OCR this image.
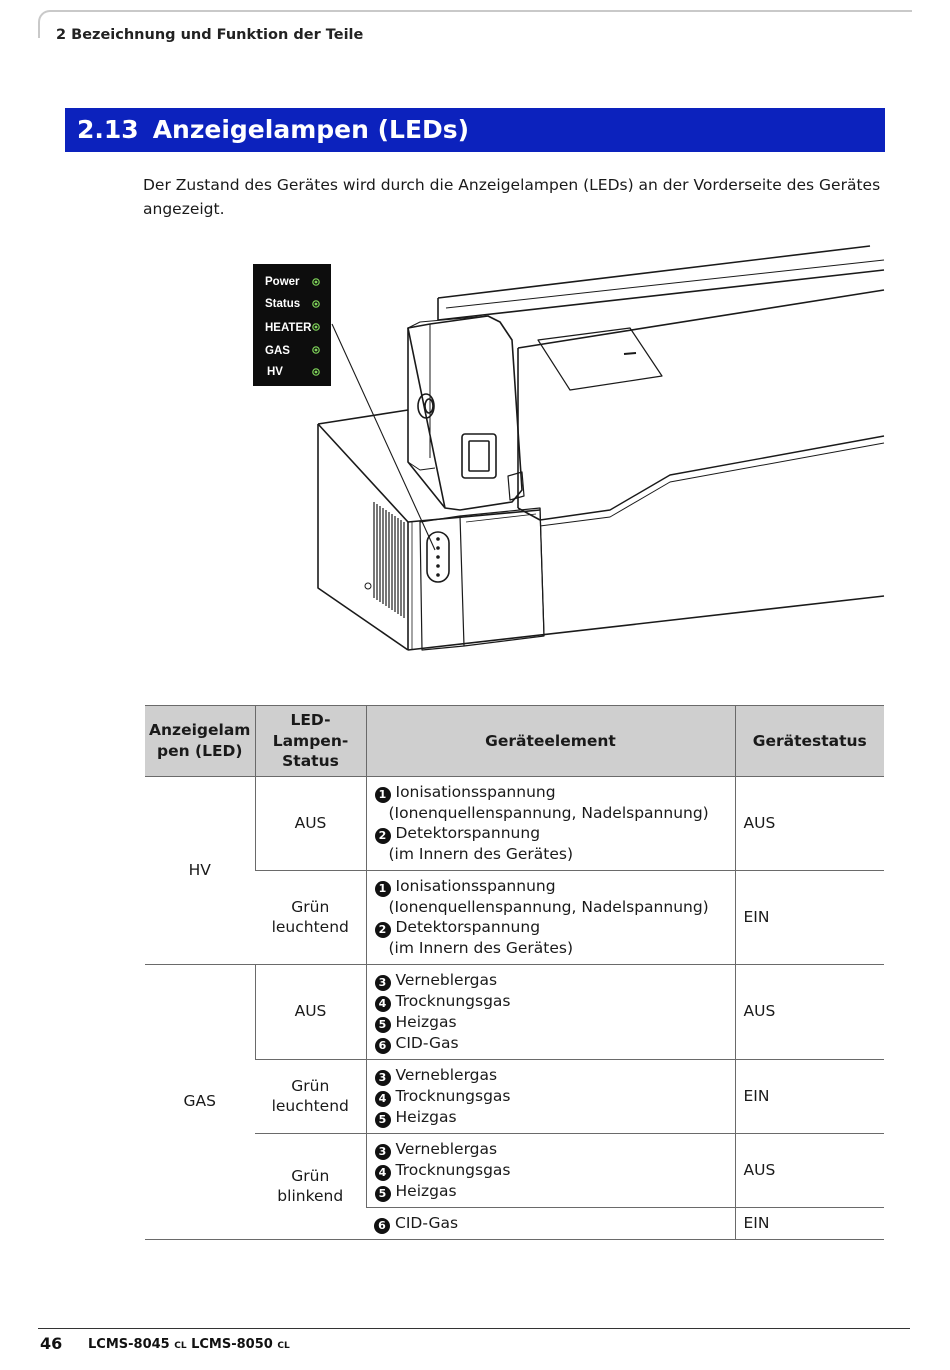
2 Bezeichnung und Funktion der Teile
2.13 Anzeigelampen (LEDs)
Der Zustand des Gerätes wird durch die Anzeigelampen (LEDs) an der Vorderseite des Gerätes angezeigt.
Power
Status
HEATER
GAS
HV
Anzeigelam pen (LED)	LED- Lampen- Status	Geräteelement	Gerätestatus
HV	AUS	1 Ionisationsspannung
(Ionenquellenspannung, Nadelspannung)
2 Detektorspannung
(im Innern des Gerätes)	AUS
	Grün leuchtend	1 Ionisationsspannung
(Ionenquellenspannung, Nadelspannung)
2 Detektorspannung
(im Innern des Gerätes)	EIN
GAS	AUS	3 Verneblergas
4 Trocknungsgas
5 Heizgas
6 CID-Gas	AUS
	Grün leuchtend	3 Verneblergas
4 Trocknungsgas
5 Heizgas	EIN
	Grün blinkend	3 Verneblergas
4 Trocknungsgas
5 Heizgas	AUS

		6 CID-Gas	EIN
46 LCMS-8045 CL LCMS-8050 CL
